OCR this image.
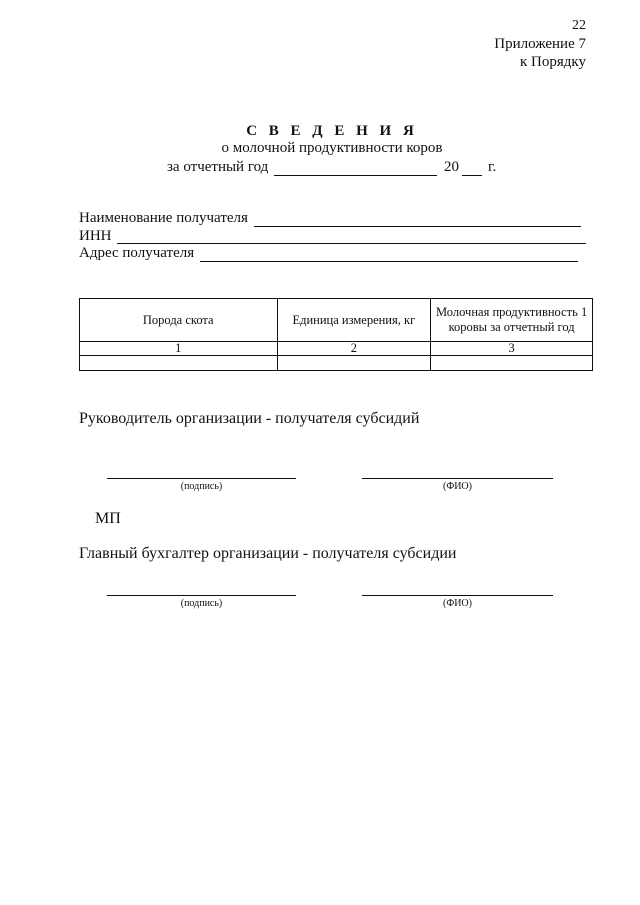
22
Приложение 7
к Порядку
С В Е Д Е Н И Я
о молочной продуктивности коров
за отчетный год	20 г.
Наименование получателя
ИНН
Адрес получателя
Порода скота	Единица измерения, кг	Молочная продуктивность 1 коровы за отчетный год
1	2	3

Руководитель организации - получателя субсидий
(подпись)	(ФИО)
МП
Главный бухгалтер организации - получателя субсидии
(подпись)	(ФИО)
